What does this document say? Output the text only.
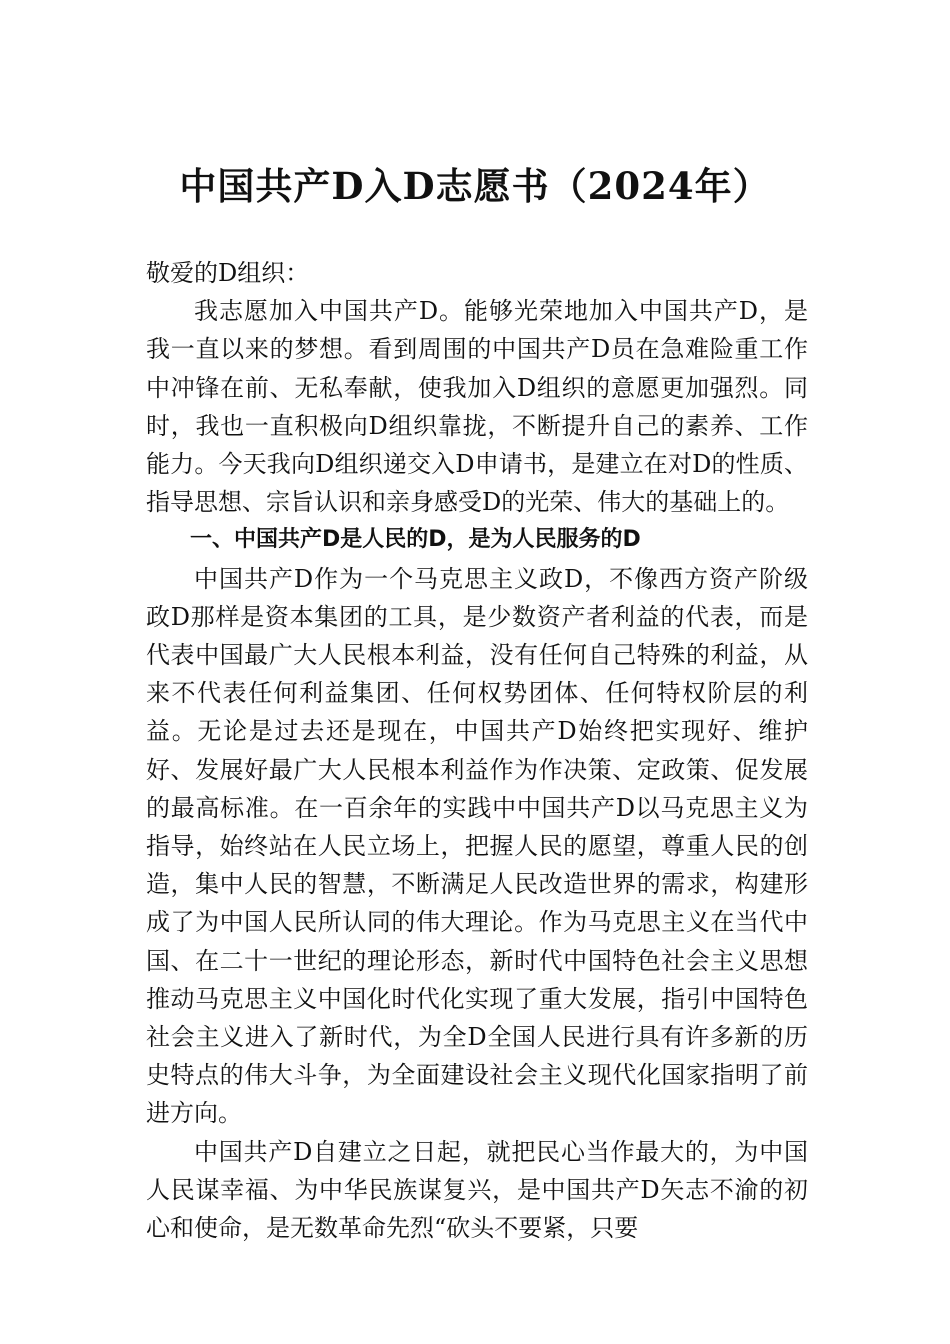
中国共产D入D志愿书（2024年）

敬爱的D组织：

我志愿加入中国共产D。能够光荣地加入中国共产D，是我一直以来的梦想。看到周围的中国共产D员在急难险重工作中冲锋在前、无私奉献，使我加入D组织的意愿更加强烈。同时，我也一直积极向D组织靠拢，不断提升自己的素养、工作能力。今天我向D组织递交入D申请书，是建立在对D的性质、指导思想、宗旨认识和亲身感受D的光荣、伟大的基础上的。

一、中国共产D是人民的D，是为人民服务的D

中国共产D作为一个马克思主义政D，不像西方资产阶级政D那样是资本集团的工具，是少数资产者利益的代表，而是代表中国最广大人民根本利益，没有任何自己特殊的利益，从来不代表任何利益集团、任何权势团体、任何特权阶层的利益。无论是过去还是现在，中国共产D始终把实现好、维护好、发展好最广大人民根本利益作为作决策、定政策、促发展的最高标准。在一百余年的实践中中国共产D以马克思主义为指导，始终站在人民立场上，把握人民的愿望，尊重人民的创造，集中人民的智慧，不断满足人民改造世界的需求，构建形成了为中国人民所认同的伟大理论。作为马克思主义在当代中国、在二十一世纪的理论形态，新时代中国特色社会主义思想推动马克思主义中国化时代化实现了重大发展，指引中国特色社会主义进入了新时代，为全D全国人民进行具有许多新的历史特点的伟大斗争，为全面建设社会主义现代化国家指明了前进方向。

中国共产D自建立之日起，就把民心当作最大的，为中国人民谋幸福、为中华民族谋复兴，是中国共产D矢志不渝的初心和使命，是无数革命先烈“砍头不要紧，只要
